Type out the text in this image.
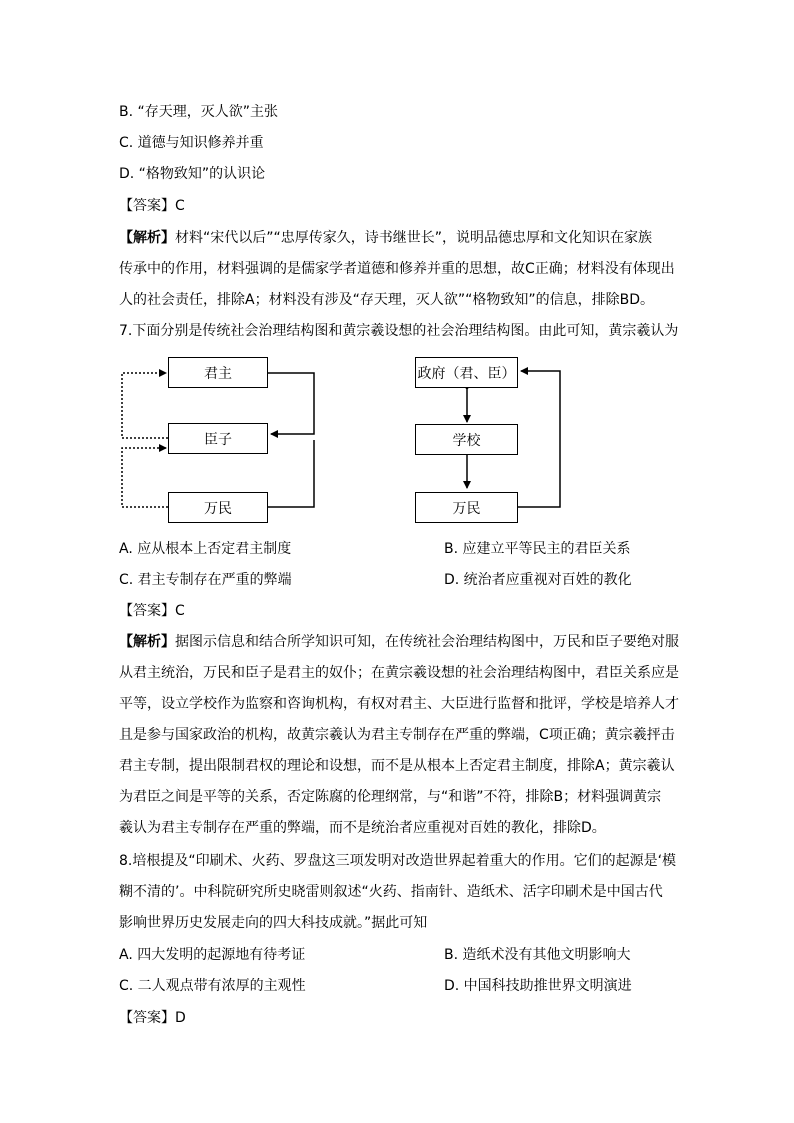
B. “存天理，灭人欲”主张
C. 道德与知识修养并重
D. “格物致知”的认识论
【答案】C
【解析】材料“宋代以后”“忠厚传家久，诗书继世长”，说明品德忠厚和文化知识在家族
传承中的作用，材料强调的是儒家学者道德和修养并重的思想，故C正确；材料没有体现出
人的社会责任，排除A；材料没有涉及“存天理，灭人欲”“格物致知”的信息，排除BD。
7.下面分别是传统社会治理结构图和黄宗羲设想的社会治理结构图。由此可知，黄宗羲认为
君主
臣子
万民
政府（君、臣）
学校
万民
A. 应从根本上否定君主制度	B. 应建立平等民主的君臣关系
C. 君主专制存在严重的弊端	D. 统治者应重视对百姓的教化
【答案】C
【解析】据图示信息和结合所学知识可知，在传统社会治理结构图中，万民和臣子要绝对服
从君主统治，万民和臣子是君主的奴仆；在黄宗羲设想的社会治理结构图中，君臣关系应是
平等，设立学校作为监察和咨询机构，有权对君主、大臣进行监督和批评，学校是培养人才
且是参与国家政治的机构，故黄宗羲认为君主专制存在严重的弊端，C项正确；黄宗羲抨击
君主专制，提出限制君权的理论和设想，而不是从根本上否定君主制度，排除A；黄宗羲认
为君臣之间是平等的关系，否定陈腐的伦理纲常，与“和谐”不符，排除B；材料强调黄宗
羲认为君主专制存在严重的弊端，而不是统治者应重视对百姓的教化，排除D。
8.培根提及“印刷术、火药、罗盘这三项发明对改造世界起着重大的作用。它们的起源是‘模
糊不清的’。中科院研究所史晓雷则叙述“火药、指南针、造纸术、活字印刷术是中国古代
影响世界历史发展走向的四大科技成就。”据此可知
A. 四大发明的起源地有待考证	B. 造纸术没有其他文明影响大
C. 二人观点带有浓厚的主观性	D. 中国科技助推世界文明演进
【答案】D
